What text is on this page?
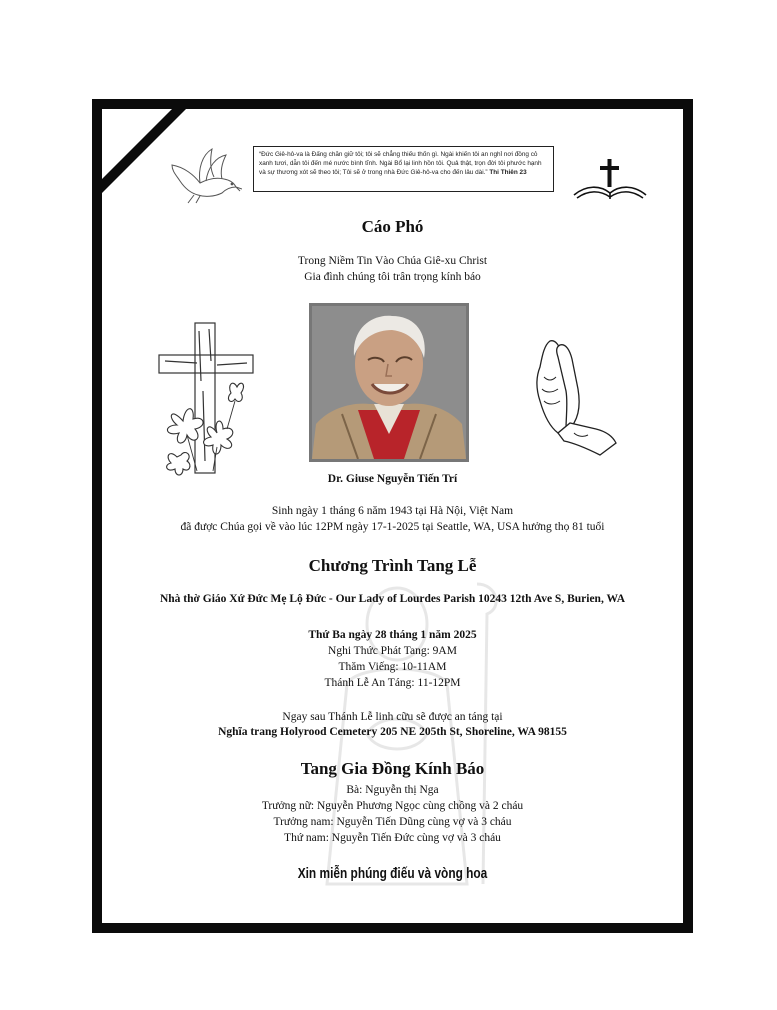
“Đức Giê-hô-va là Đấng chăn giữ tôi; tôi sẽ chẳng thiếu thốn gì. Ngài khiến tôi an nghỉ nơi đồng cỏ xanh tươi, dẫn tôi đến mé nước bình tĩnh. Ngài Bổ lại linh hồn tôi. Quả thật, trọn đời tôi phước hạnh và sự thương xót sẽ theo tôi; Tôi sẽ ở trong nhà Đức Giê-hô-va cho đến lâu dài.” Thi Thiên 23
Cáo Phó
Trong Niềm Tin Vào Chúa Giê-xu Christ
Gia đình chúng tôi trân trọng kính báo
Dr. Giuse Nguyễn Tiến Trí
Sinh ngày 1 tháng 6 năm 1943 tại Hà Nội, Việt Nam
đã được Chúa gọi về vào lúc 12PM ngày 17-1-2025 tại Seattle, WA, USA hưởng thọ 81 tuổi
Chương Trình Tang Lễ
Nhà thờ Giáo Xứ Đức Mẹ Lộ Đức - Our Lady of Lourdes Parish 10243 12th Ave S, Burien, WA
Thứ Ba ngày 28 tháng 1 năm 2025
Nghi Thức Phát Tang: 9AM
Thăm Viếng: 10-11AM
Thánh Lễ An Táng: 11-12PM
Ngay sau Thánh Lễ linh cữu sẽ được an táng tại
Nghĩa trang Holyrood Cemetery 205 NE 205th St, Shoreline, WA 98155
Tang Gia Đồng Kính Báo
Bà: Nguyễn thị Nga
Trưởng nữ: Nguyễn Phương Ngọc cùng chồng và 2 cháu
Trưởng nam: Nguyễn Tiến Dũng cùng vợ và 3 cháu
Thứ nam: Nguyễn Tiến Đức cùng vợ và 3 cháu
Xin miễn phúng điếu và vòng hoa
